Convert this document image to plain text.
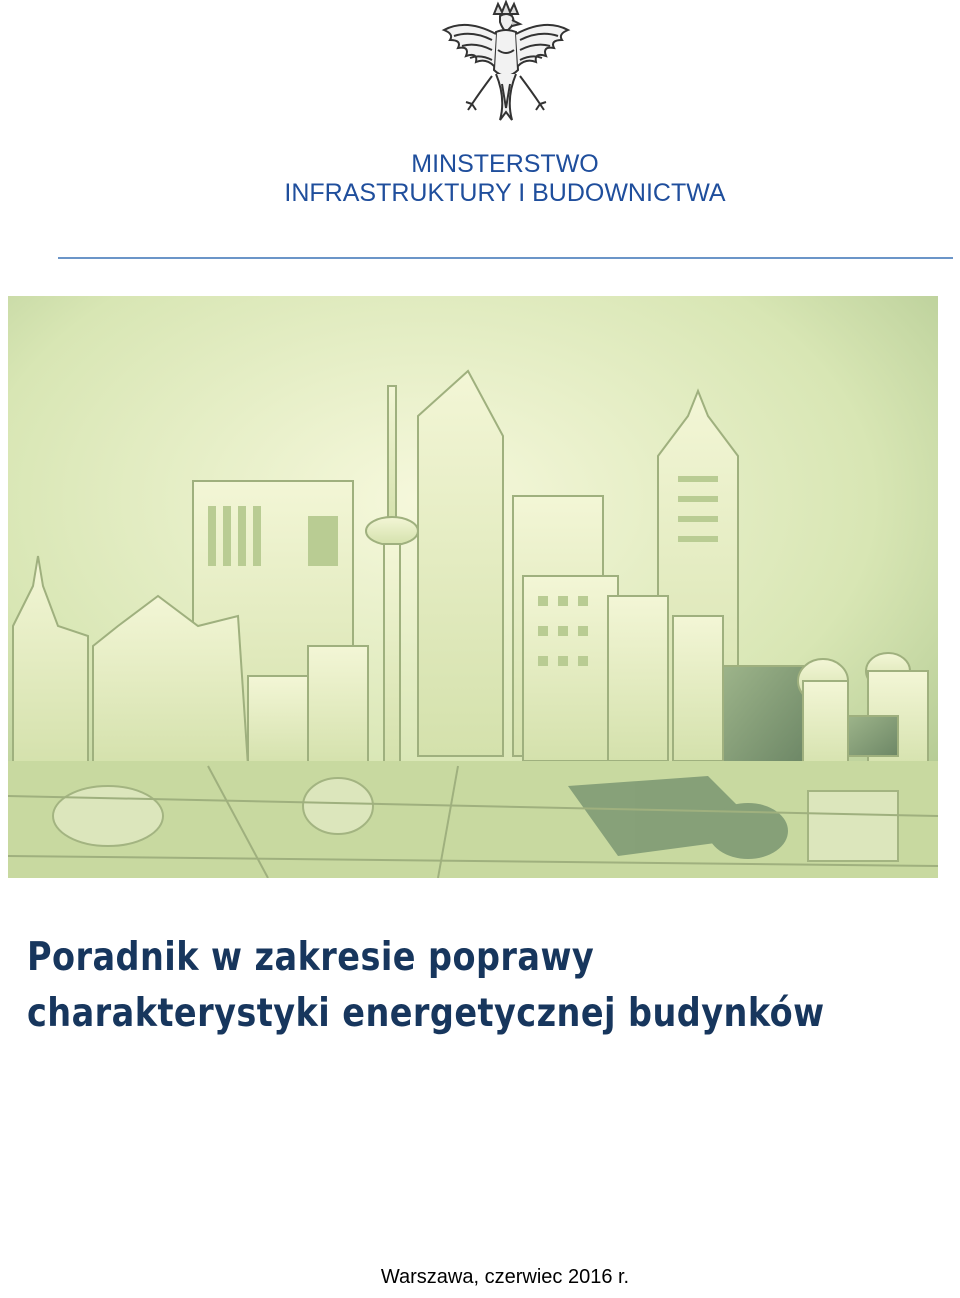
MINSTERSTWO
INFRASTRUKTURY I BUDOWNICTWA
Poradnik w zakresie poprawy
charakterystyki energetycznej budynków
Warszawa, czerwiec 2016 r.
